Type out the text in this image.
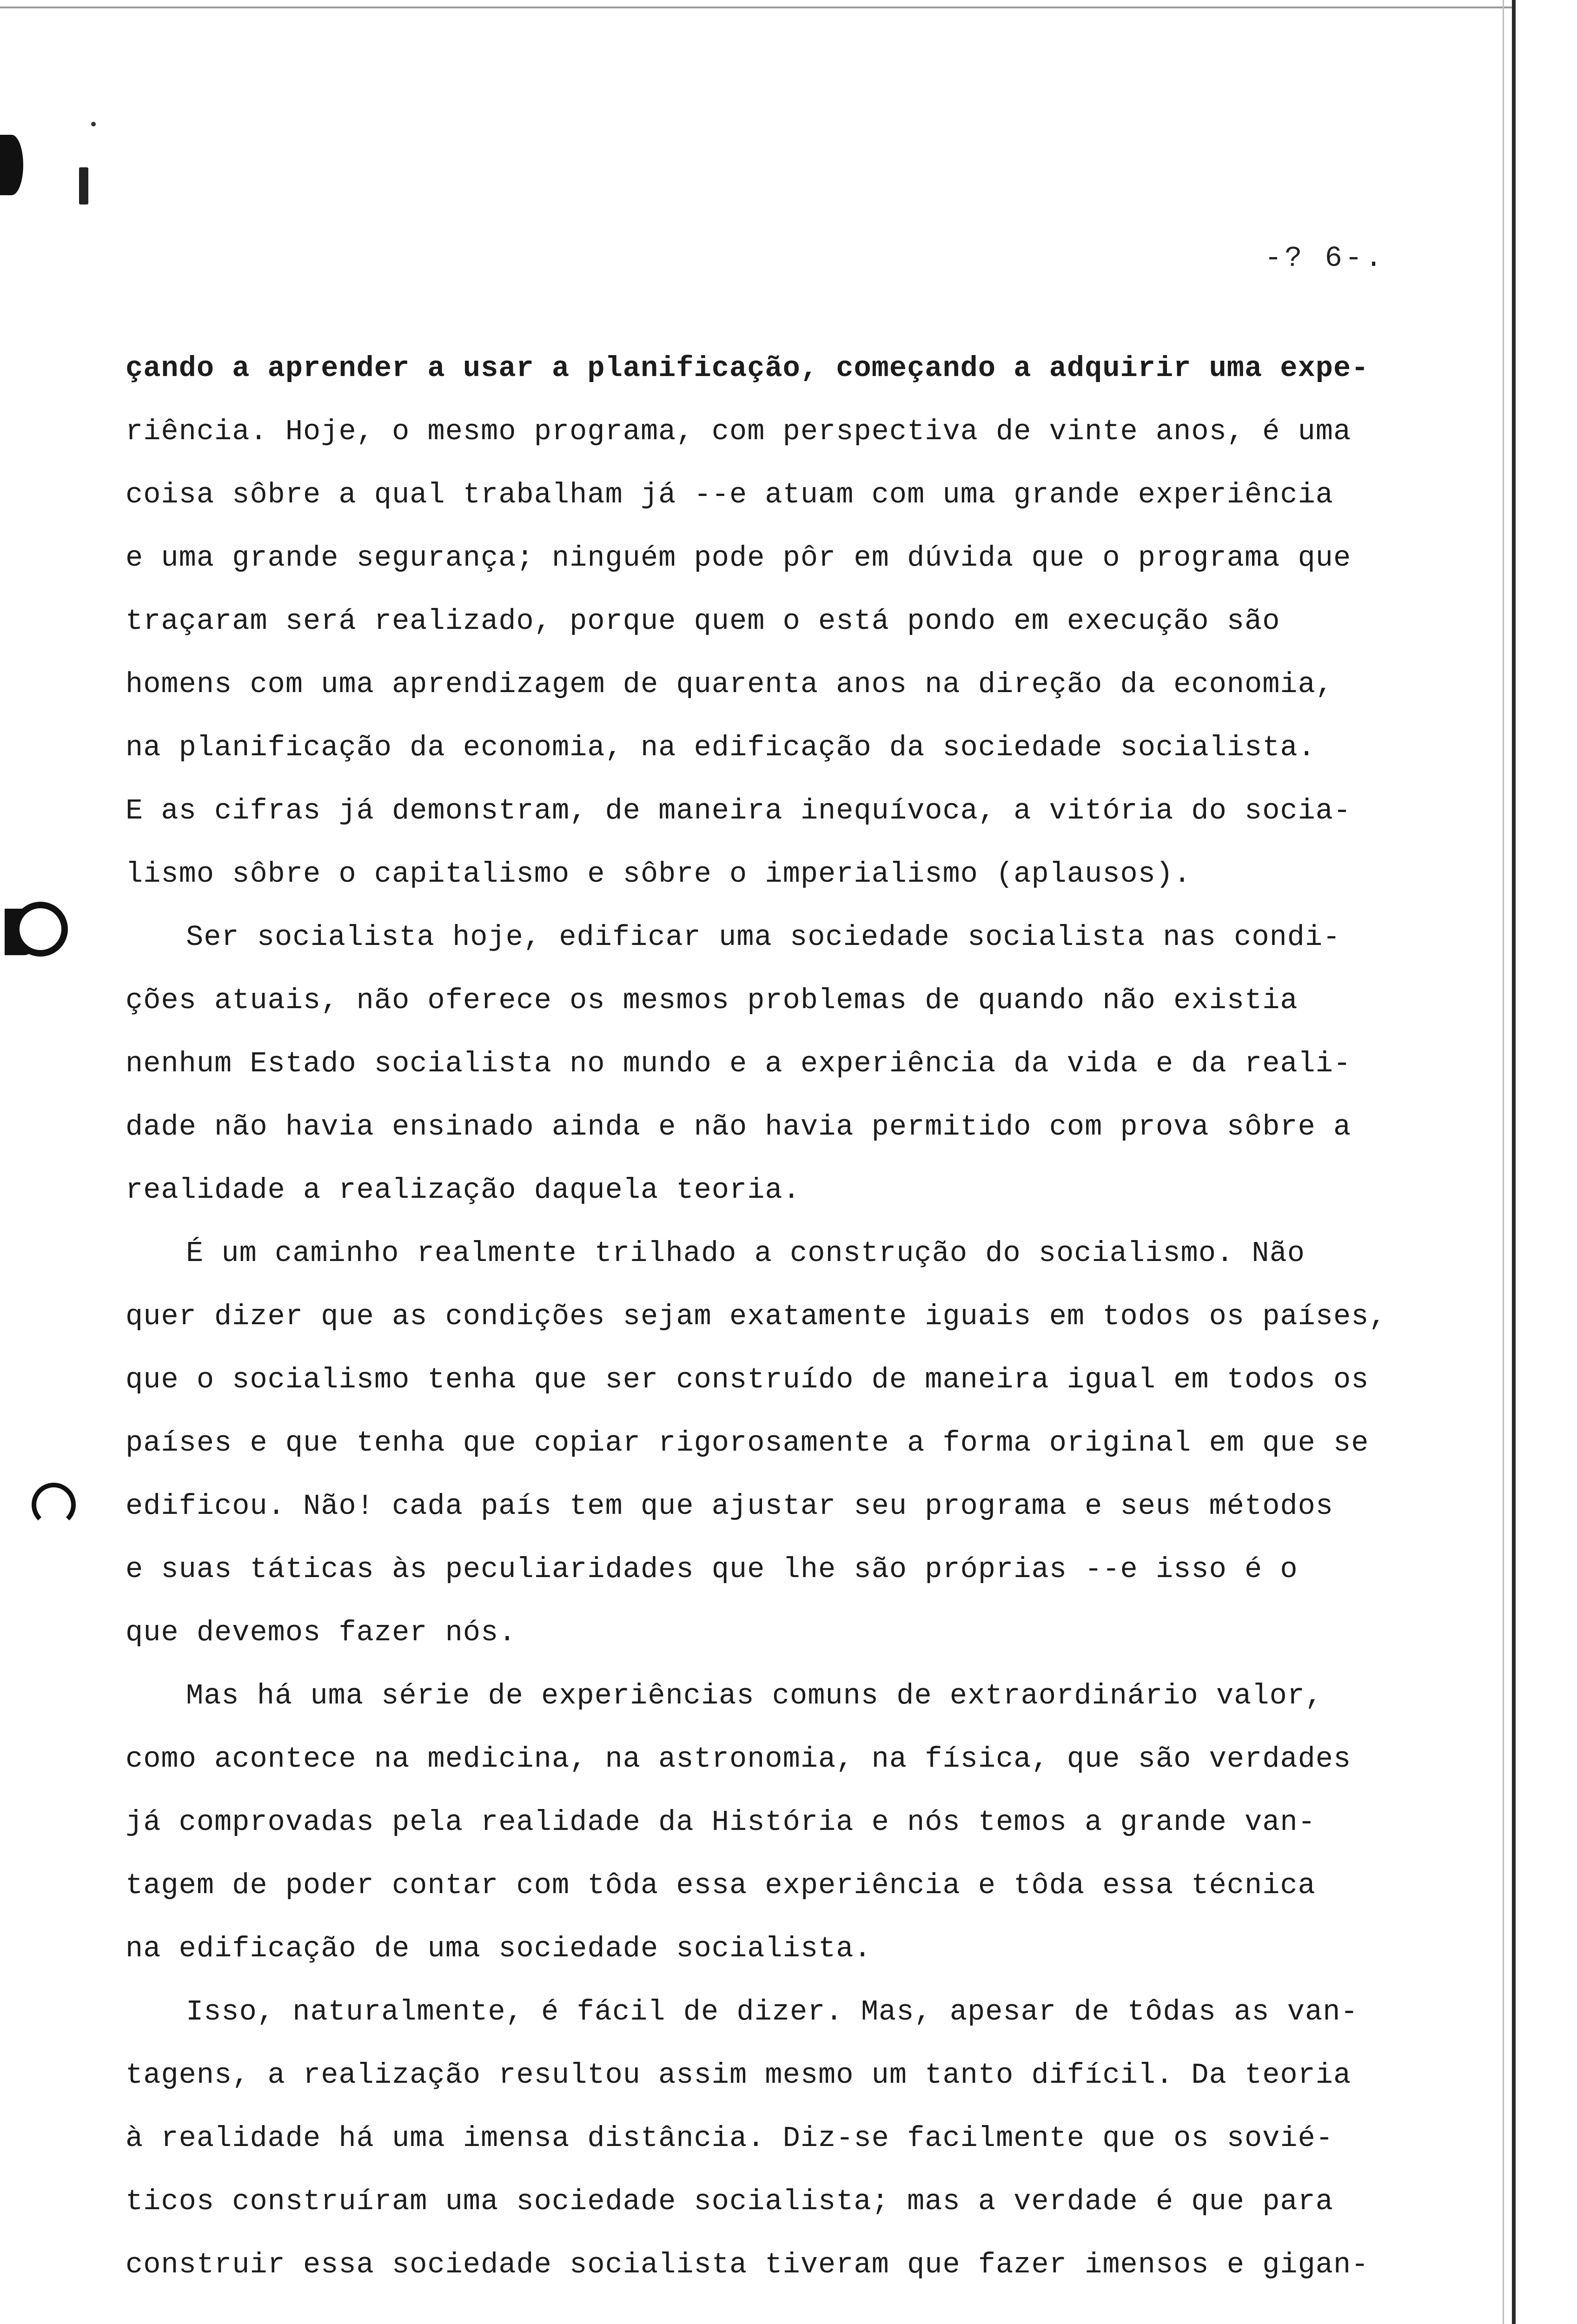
-? 6-.
çando a aprender a usar a planificação, começando a adquirir uma expe-
riência. Hoje, o mesmo programa, com perspectiva de vinte anos, é uma
coisa sôbre a qual trabalham já --e atuam com uma grande experiência
e uma grande segurança; ninguém pode pôr em dúvida que o programa que
traçaram será realizado, porque quem o está pondo em execução são
homens com uma aprendizagem de quarenta anos na direção da economia,
na planificação da economia, na edificação da sociedade socialista.
E as cifras já demonstram, de maneira inequívoca, a vitória do socia-
lismo sôbre o capitalismo e sôbre o imperialismo (aplausos).
Ser socialista hoje, edificar uma sociedade socialista nas condi-
ções atuais, não oferece os mesmos problemas de quando não existia
nenhum Estado socialista no mundo e a experiência da vida e da reali-
dade não havia ensinado ainda e não havia permitido com prova sôbre a
realidade a realização daquela teoria.
É um caminho realmente trilhado a construção do socialismo. Não
quer dizer que as condições sejam exatamente iguais em todos os países,
que o socialismo tenha que ser construído de maneira igual em todos os
países e que tenha que copiar rigorosamente a forma original em que se
edificou. Não! cada país tem que ajustar seu programa e seus métodos
e suas táticas às peculiaridades que lhe são próprias --e isso é o
que devemos fazer nós.
Mas há uma série de experiências comuns de extraordinário valor,
como acontece na medicina, na astronomia, na física, que são verdades
já comprovadas pela realidade da História e nós temos a grande van-
tagem de poder contar com tôda essa experiência e tôda essa técnica
na edificação de uma sociedade socialista.
Isso, naturalmente, é fácil de dizer. Mas, apesar de tôdas as van-
tagens, a realização resultou assim mesmo um tanto difícil. Da teoria
à realidade há uma imensa distância. Diz-se facilmente que os sovié-
ticos construíram uma sociedade socialista; mas a verdade é que para
construir essa sociedade socialista tiveram que fazer imensos e gigan-
